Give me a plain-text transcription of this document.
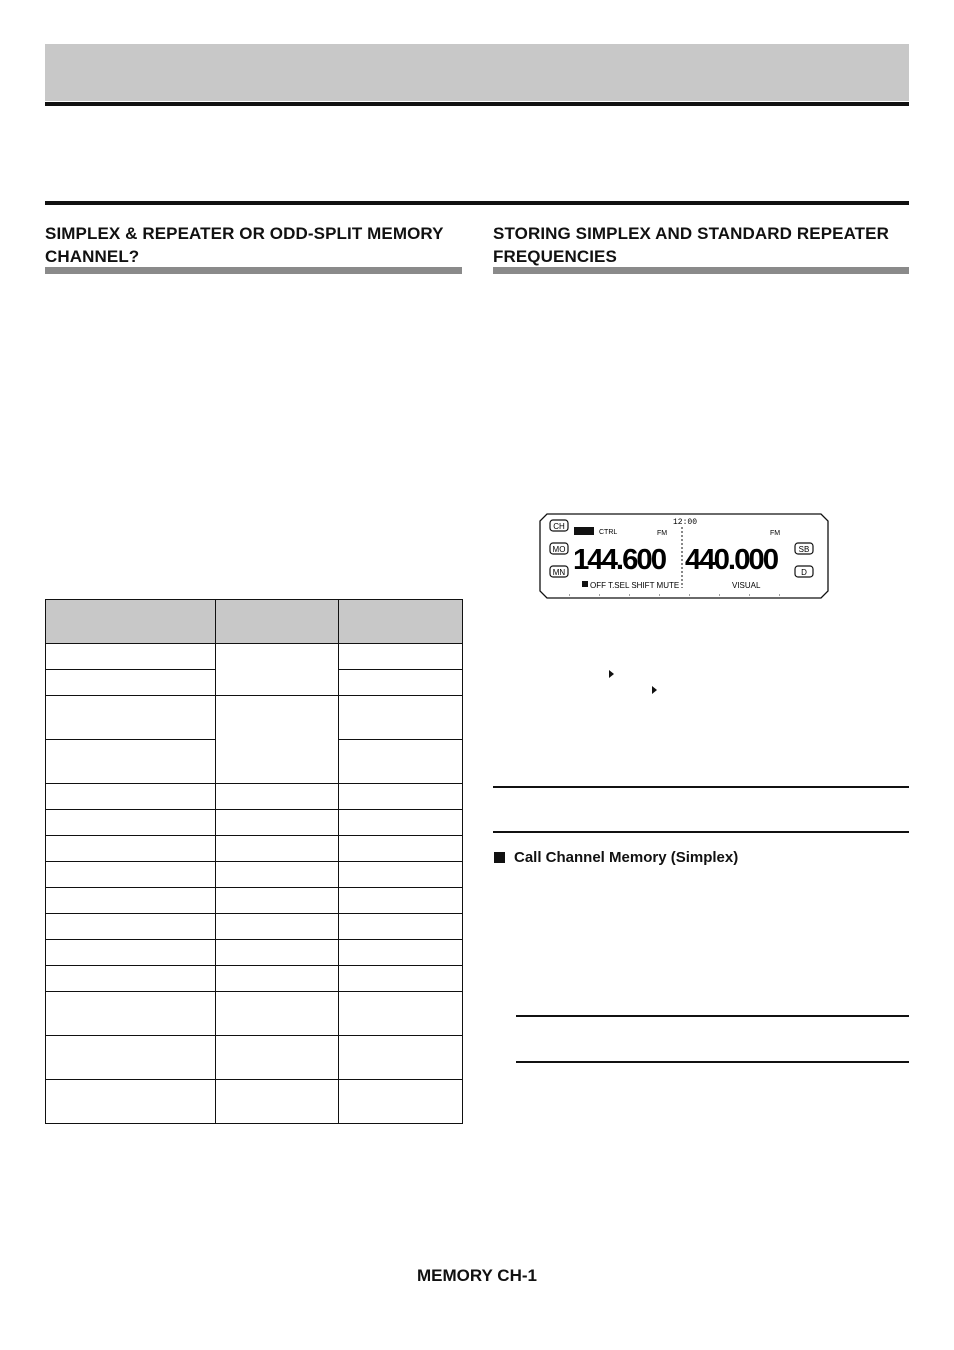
SIMPLEX & REPEATER OR ODD-SPLIT MEMORY
CHANNEL?
STORING SIMPLEX AND STANDARD REPEATER
FREQUENCIES
CH
MO
MN
SB
D
CTRL
12:00
FM	FM
144.600 440.000
OFF T.SEL SHIFT MUTE	VISUAL
Call Channel Memory (Simplex)

MEMORY CH-1
